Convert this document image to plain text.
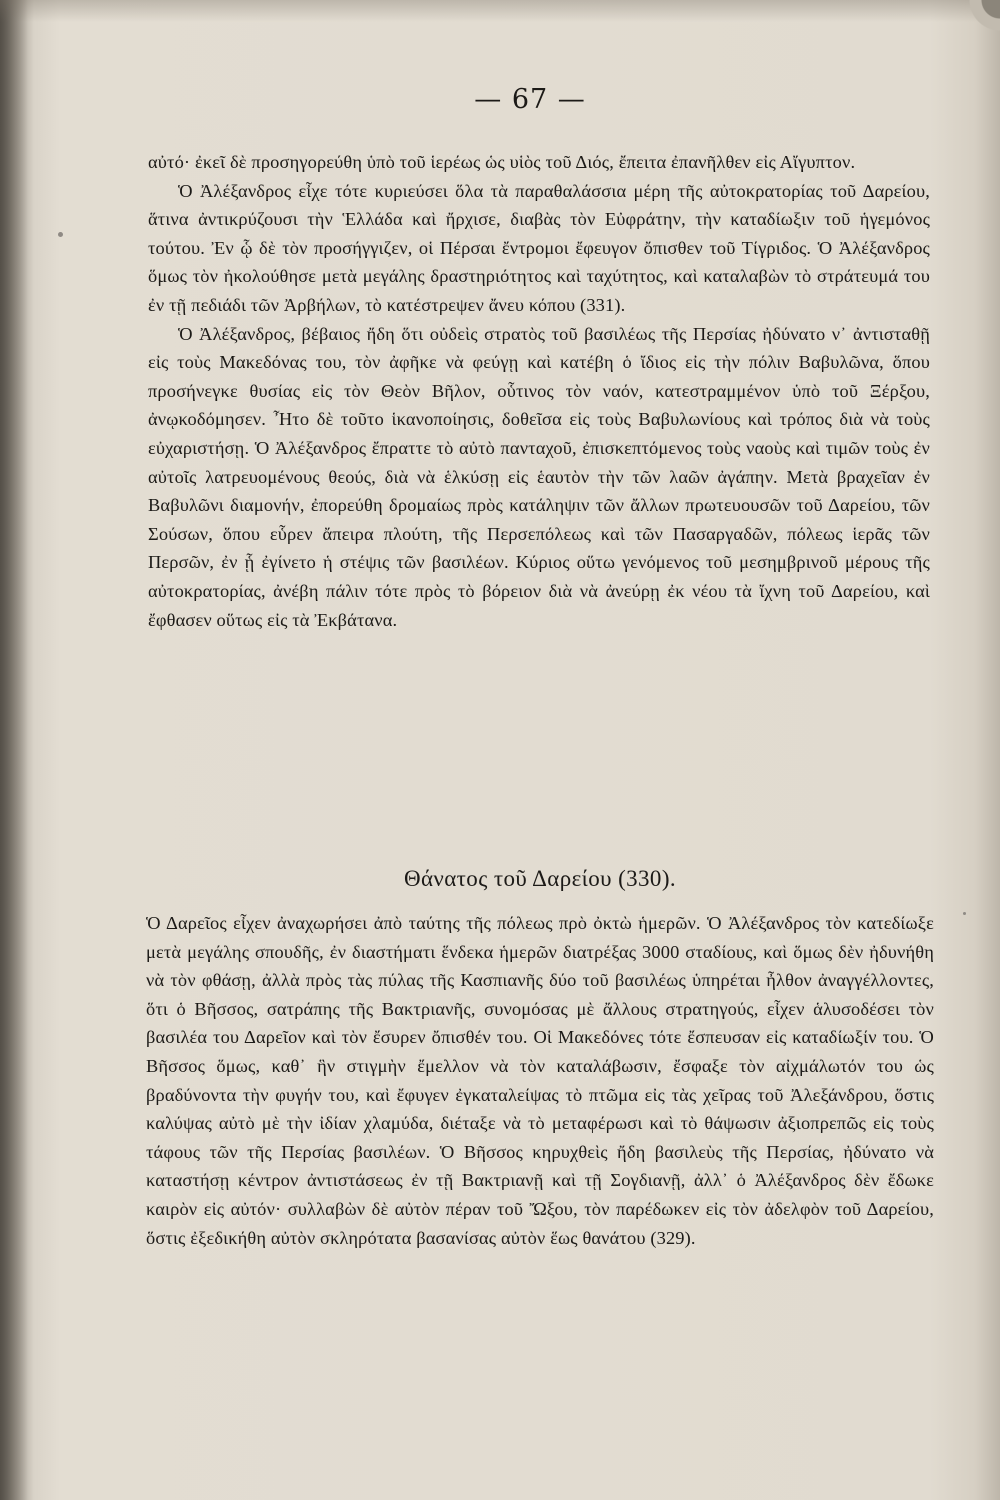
— 67 —

αὐτό· ἐκεῖ δὲ προσηγορεύθη ὑπὸ τοῦ ἱερέως ὡς υἱὸς τοῦ Διός, ἔπειτα ἐπανῆλθεν εἰς Αἴγυπτον.

Ὁ Ἀλέξανδρος εἶχε τότε κυριεύσει ὅλα τὰ παραθαλάσσια μέρη τῆς αὐτοκρατορίας τοῦ Δαρείου, ἅτινα ἀντικρύζουσι τὴν Ἑλλάδα καὶ ἤρχισε, διαβὰς τὸν Εὐφράτην, τὴν καταδίωξιν τοῦ ἡγεμόνος τούτου. Ἐν ᾧ δὲ τὸν προσήγγιζεν, οἱ Πέρσαι ἔντρομοι ἔφευγον ὄπισθεν τοῦ Τίγριδος. Ὁ Ἀλέξανδρος ὅμως τὸν ἠκολούθησε μετὰ μεγάλης δραστηριότητος καὶ ταχύτητος, καὶ καταλαβὼν τὸ στράτευμά του ἐν τῇ πεδιάδι τῶν Ἀρβήλων, τὸ κατέστρεψεν ἄνευ κόπου (331).

Ὁ Ἀλέξανδρος, βέβαιος ἤδη ὅτι οὐδεὶς στρατὸς τοῦ βασιλέως τῆς Περσίας ἠδύνατο ν᾽ ἀντισταθῇ εἰς τοὺς Μακεδόνας του, τὸν ἀφῆκε νὰ φεύγῃ καὶ κατέβη ὁ ἴδιος εἰς τὴν πόλιν Βαβυλῶνα, ὅπου προσήνεγκε θυσίας εἰς τὸν Θεὸν Βῆλον, οὗτινος τὸν ναόν, κατεστραμμένον ὑπὸ τοῦ Ξέρξου, ἀνῳκοδόμησεν. Ἦτο δὲ τοῦτο ἱκανοποίησις, δοθεῖσα εἰς τοὺς Βαβυλωνίους καὶ τρόπος διὰ νὰ τοὺς εὐχαριστήσῃ. Ὁ Ἀλέξανδρος ἔπραττε τὸ αὐτὸ πανταχοῦ, ἐπισκεπτόμενος τοὺς ναοὺς καὶ τιμῶν τοὺς ἐν αὐτοῖς λατρευομένους θεούς, διὰ νὰ ἑλκύσῃ εἰς ἑαυτὸν τὴν τῶν λαῶν ἀγάπην. Μετὰ βραχεῖαν ἐν Βαβυλῶνι διαμονήν, ἐπορεύθη δρομαίως πρὸς κατάληψιν τῶν ἄλλων πρωτευουσῶν τοῦ Δαρείου, τῶν Σούσων, ὅπου εὗρεν ἄπειρα πλούτη, τῆς Περσεπόλεως καὶ τῶν Πασαργαδῶν, πόλεως ἱερᾶς τῶν Περσῶν, ἐν ᾗ ἐγίνετο ἡ στέψις τῶν βασιλέων. Κύριος οὕτω γενόμενος τοῦ μεσημβρινοῦ μέρους τῆς αὐτοκρατορίας, ἀνέβη πάλιν τότε πρὸς τὸ βόρειον διὰ νὰ ἀνεύρῃ ἐκ νέου τὰ ἴχνη τοῦ Δαρείου, καὶ ἔφθασεν οὕτως εἰς τὰ Ἐκβάτανα.

Θάνατος τοῦ Δαρείου (330).

Ὁ Δαρεῖος εἶχεν ἀναχωρήσει ἀπὸ ταύτης τῆς πόλεως πρὸ ὀκτὼ ἡμερῶν. Ὁ Ἀλέξανδρος τὸν κατεδίωξε μετὰ μεγάλης σπουδῆς, ἐν διαστήματι ἕνδεκα ἡμερῶν διατρέξας 3000 σταδίους, καὶ ὅμως δὲν ἠδυνήθη νὰ τὸν φθάσῃ, ἀλλὰ πρὸς τὰς πύλας τῆς Κασπιανῆς δύο τοῦ βασιλέως ὑπηρέται ἦλθον ἀναγγέλλοντες, ὅτι ὁ Βῆσσος, σατράπης τῆς Βακτριανῆς, συνομόσας μὲ ἄλλους στρατηγούς, εἶχεν ἁλυσοδέσει τὸν βασιλέα του Δαρεῖον καὶ τὸν ἔσυρεν ὄπισθέν του. Οἱ Μακεδόνες τότε ἔσπευσαν εἰς καταδίωξίν του. Ὁ Βῆσσος ὅμως, καθ᾽ ἣν στιγμὴν ἔμελλον νὰ τὸν καταλάβωσιν, ἔσφαξε τὸν αἰχμάλωτόν του ὡς βραδύνοντα τὴν φυγήν του, καὶ ἔφυγεν ἐγκαταλείψας τὸ πτῶμα εἰς τὰς χεῖρας τοῦ Ἀλεξάνδρου, ὅστις καλύψας αὐτὸ μὲ τὴν ἰδίαν χλαμύδα, διέταξε νὰ τὸ μεταφέρωσι καὶ τὸ θάψωσιν ἀξιοπρεπῶς εἰς τοὺς τάφους τῶν τῆς Περσίας βασιλέων. Ὁ Βῆσσος κηρυχθεὶς ἤδη βασιλεὺς τῆς Περσίας, ἠδύνατο νὰ καταστήσῃ κέντρον ἀντιστάσεως ἐν τῇ Βακτριανῇ καὶ τῇ Σογδιανῇ, ἀλλ᾽ ὁ Ἀλέξανδρος δὲν ἔδωκε καιρὸν εἰς αὐτόν· συλλαβὼν δὲ αὐτὸν πέραν τοῦ Ὤξου, τὸν παρέδωκεν εἰς τὸν ἀδελφὸν τοῦ Δαρείου, ὅστις ἐξεδικήθη αὐτὸν σκληρότατα βασανίσας αὐτὸν ἕως θανάτου (329).
